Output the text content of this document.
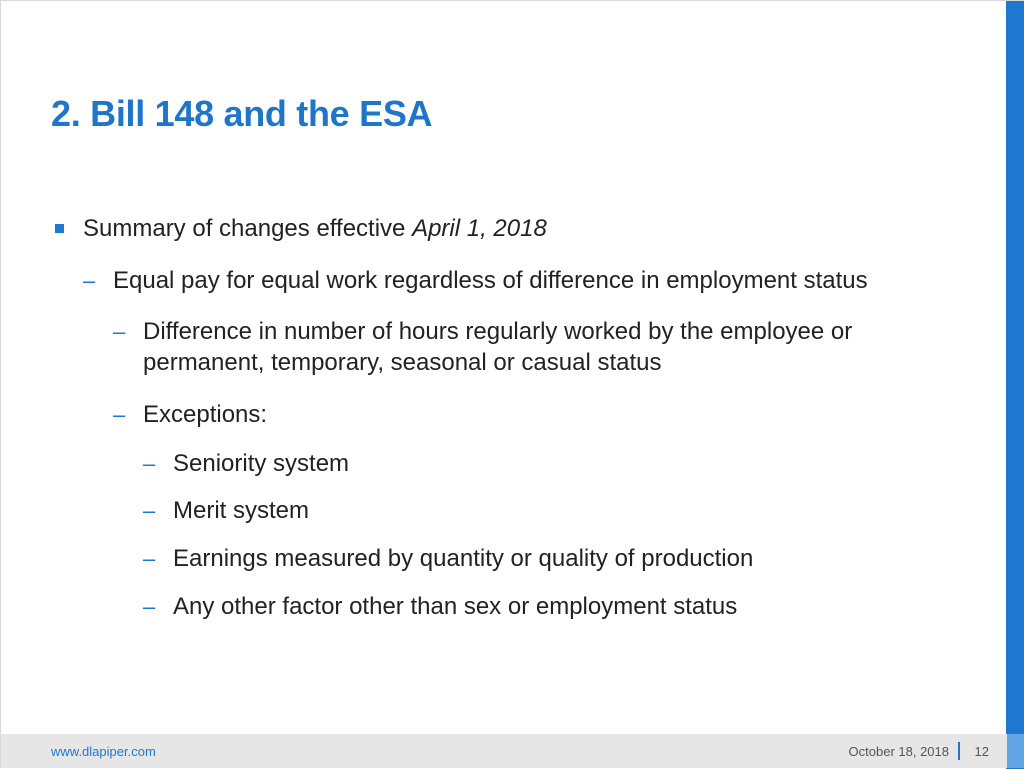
2. Bill 148 and the ESA
Summary of changes effective April 1, 2018
– Equal pay for equal work regardless of difference in employment status
– Difference in number of hours regularly worked by the employee or permanent, temporary, seasonal or casual status
– Exceptions:
– Seniority system
– Merit system
– Earnings measured by quantity or quality of production
– Any other factor other than sex or employment status
www.dlapiper.com	October 18, 2018 12
